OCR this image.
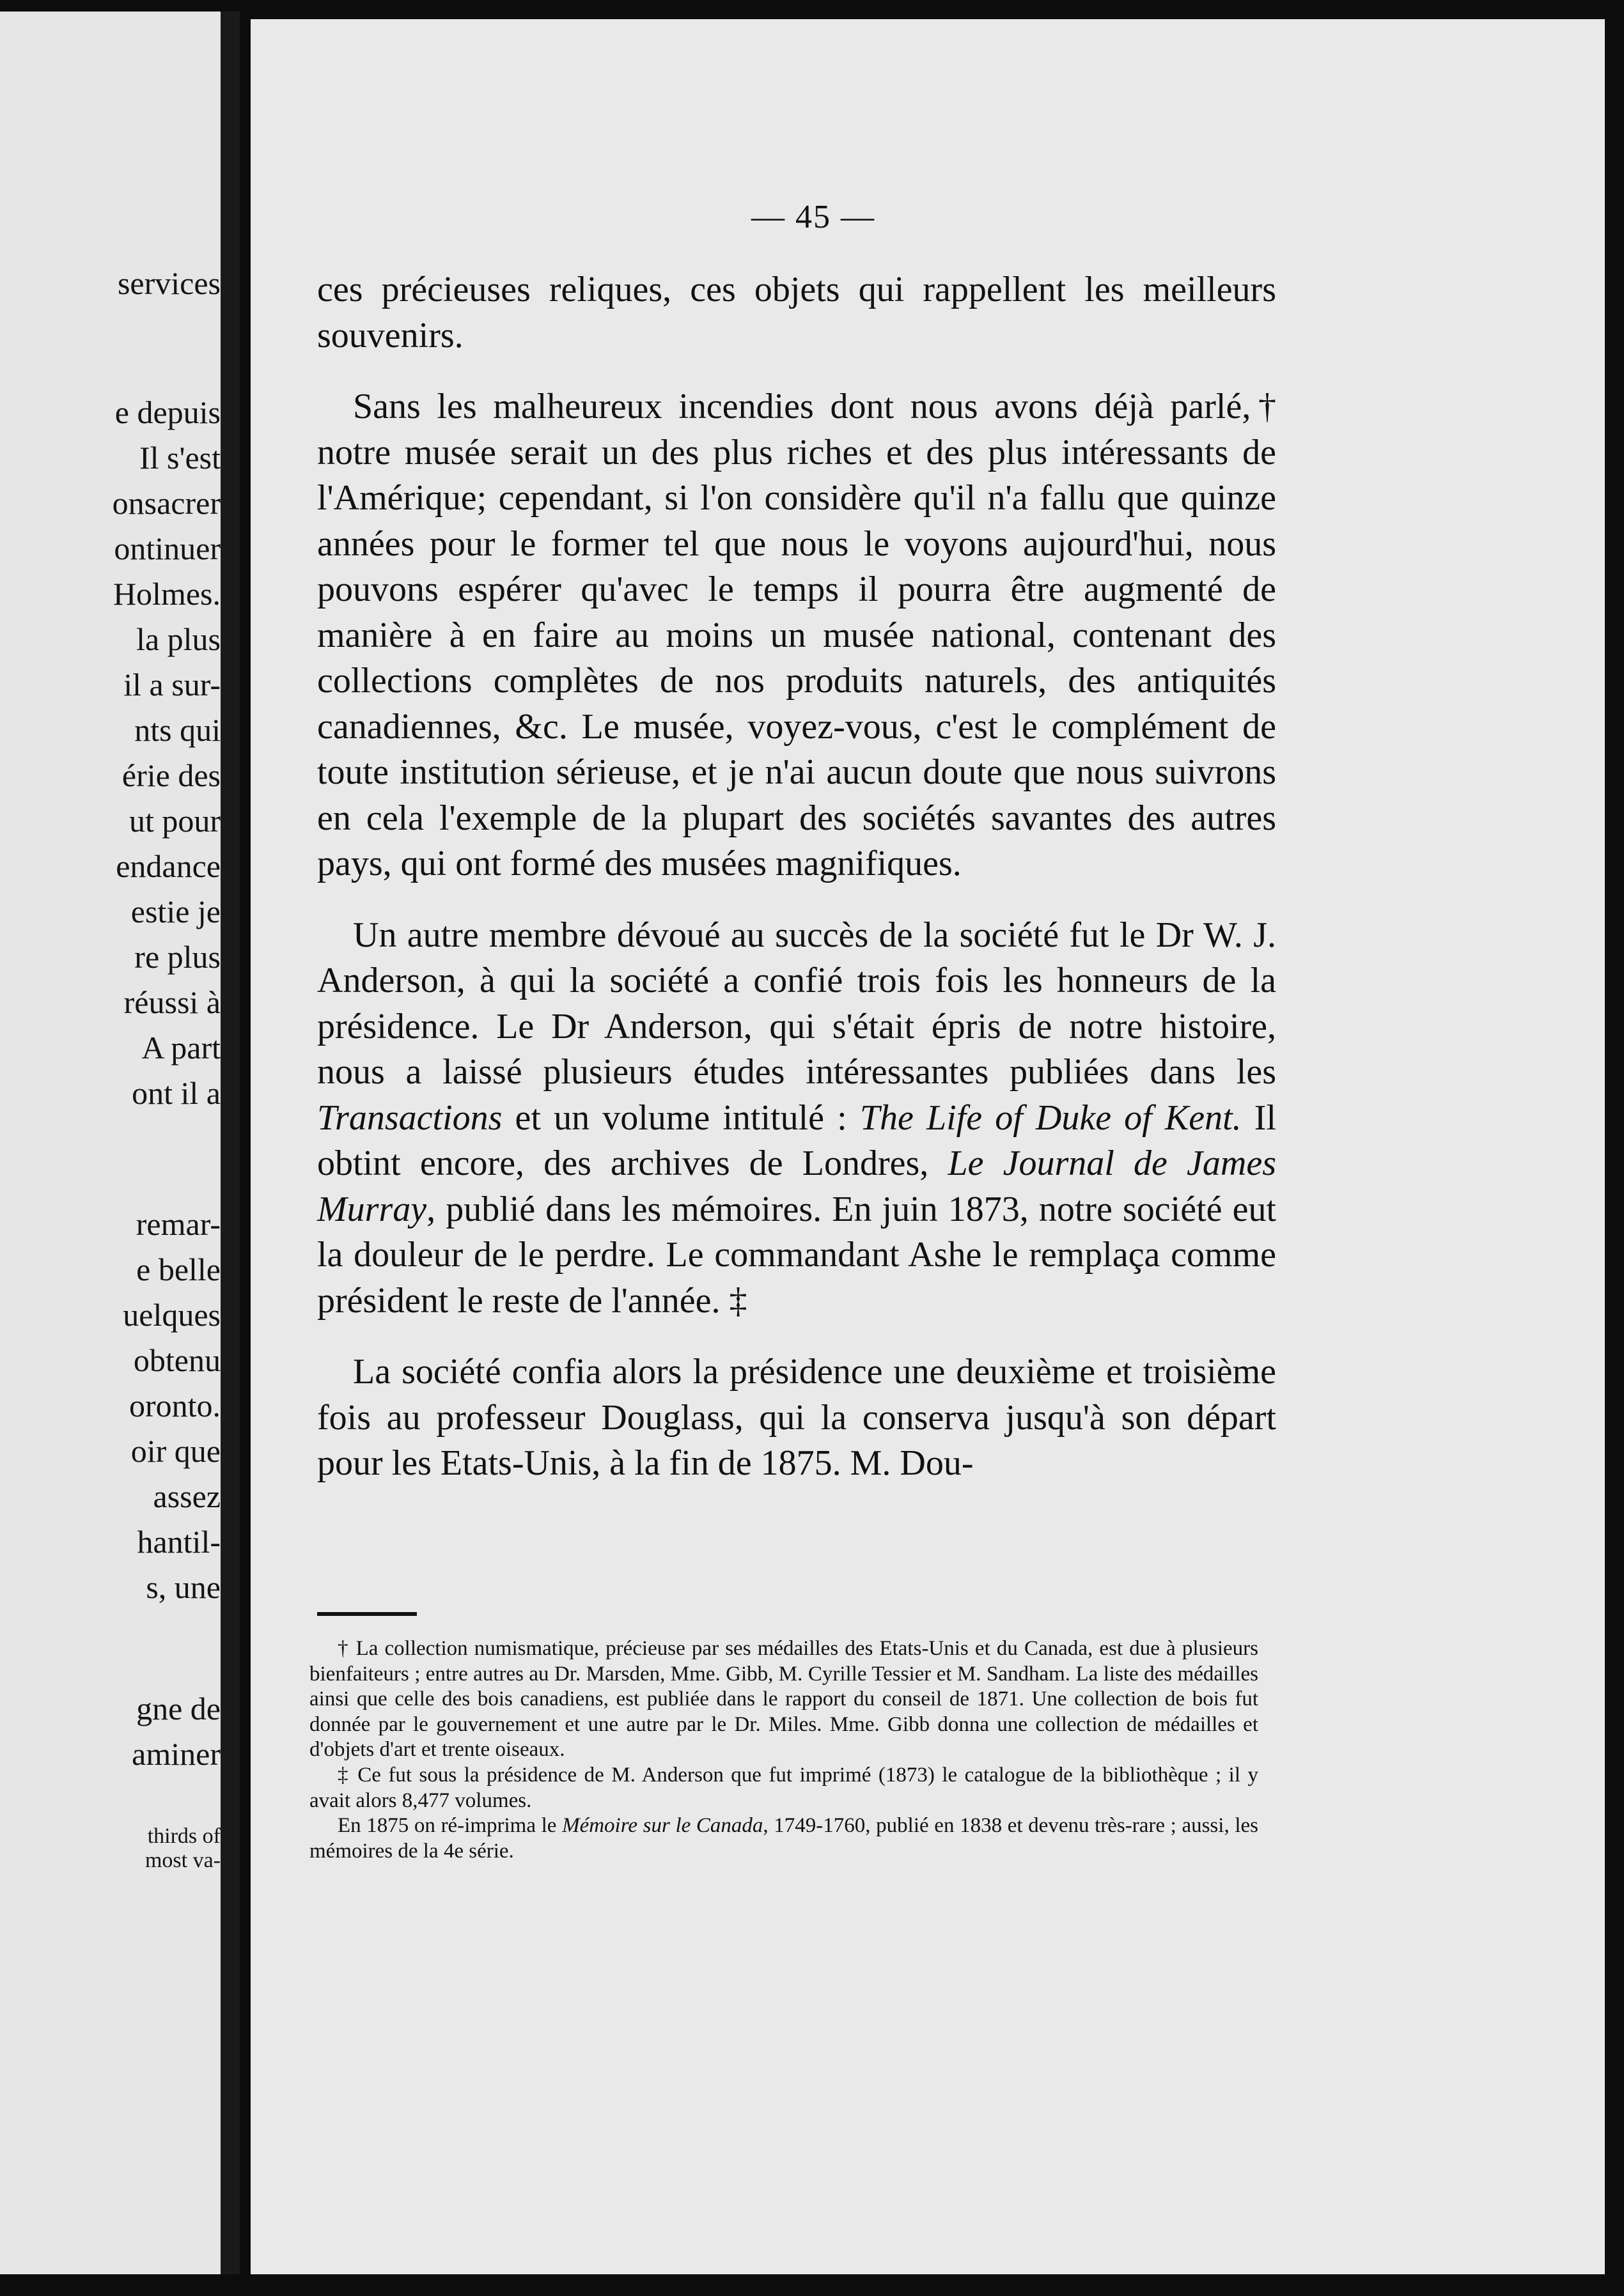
services
e depuis
Il s'est
onsacrer
ontinuer
Holmes.
la plus
il a sur-
nts qui
érie des
ut pour
endance
estie je
re plus
réussi à
A part
ont il a
remar-
e belle
uelques
obtenu
oronto.
oir que
assez
hantil-
s, une
gne de
aminer
thirds of
most va-
— 45 —

ces précieuses reliques, ces objets qui rappellent les meilleurs souvenirs.

Sans les malheureux incendies dont nous avons déjà parlé,† notre musée serait un des plus riches et des plus intéressants de l'Amérique; cependant, si l'on considère qu'il n'a fallu que quinze années pour le former tel que nous le voyons aujourd'hui, nous pouvons espérer qu'avec le temps il pourra être augmenté de manière à en faire au moins un musée national, contenant des collections complètes de nos produits naturels, des antiquités canadiennes, &c. Le musée, voyez-vous, c'est le complément de toute institution sérieuse, et je n'ai aucun doute que nous suivrons en cela l'exemple de la plupart des sociétés savantes des autres pays, qui ont formé des musées magnifiques.

Un autre membre dévoué au succès de la société fut le Dr W. J. Anderson, à qui la société a confié trois fois les honneurs de la présidence. Le Dr Anderson, qui s'était épris de notre histoire, nous a laissé plusieurs études intéressantes publiées dans les Transactions et un volume intitulé : The Life of Duke of Kent. Il obtint encore, des archives de Londres, Le Journal de James Murray, publié dans les mémoires. En juin 1873, notre société eut la douleur de le perdre. Le commandant Ashe le remplaça comme président le reste de l'année. ‡

La société confia alors la présidence une deuxième et troisième fois au professeur Douglass, qui la conserva jusqu'à son départ pour les Etats-Unis, à la fin de 1875. M. Dou-

† La collection numismatique, précieuse par ses médailles des Etats-Unis et du Canada, est due à plusieurs bienfaiteurs ; entre autres au Dr. Marsden, Mme. Gibb, M. Cyrille Tessier et M. Sandham. La liste des médailles ainsi que celle des bois canadiens, est publiée dans le rapport du conseil de 1871. Une collection de bois fut donnée par le gouvernement et une autre par le Dr. Miles. Mme. Gibb donna une collection de médailles et d'objets d'art et trente oiseaux.

‡ Ce fut sous la présidence de M. Anderson que fut imprimé (1873) le catalogue de la bibliothèque ; il y avait alors 8,477 volumes.

En 1875 on ré-imprima le Mémoire sur le Canada, 1749-1760, publié en 1838 et devenu très-rare ; aussi, les mémoires de la 4e série.
